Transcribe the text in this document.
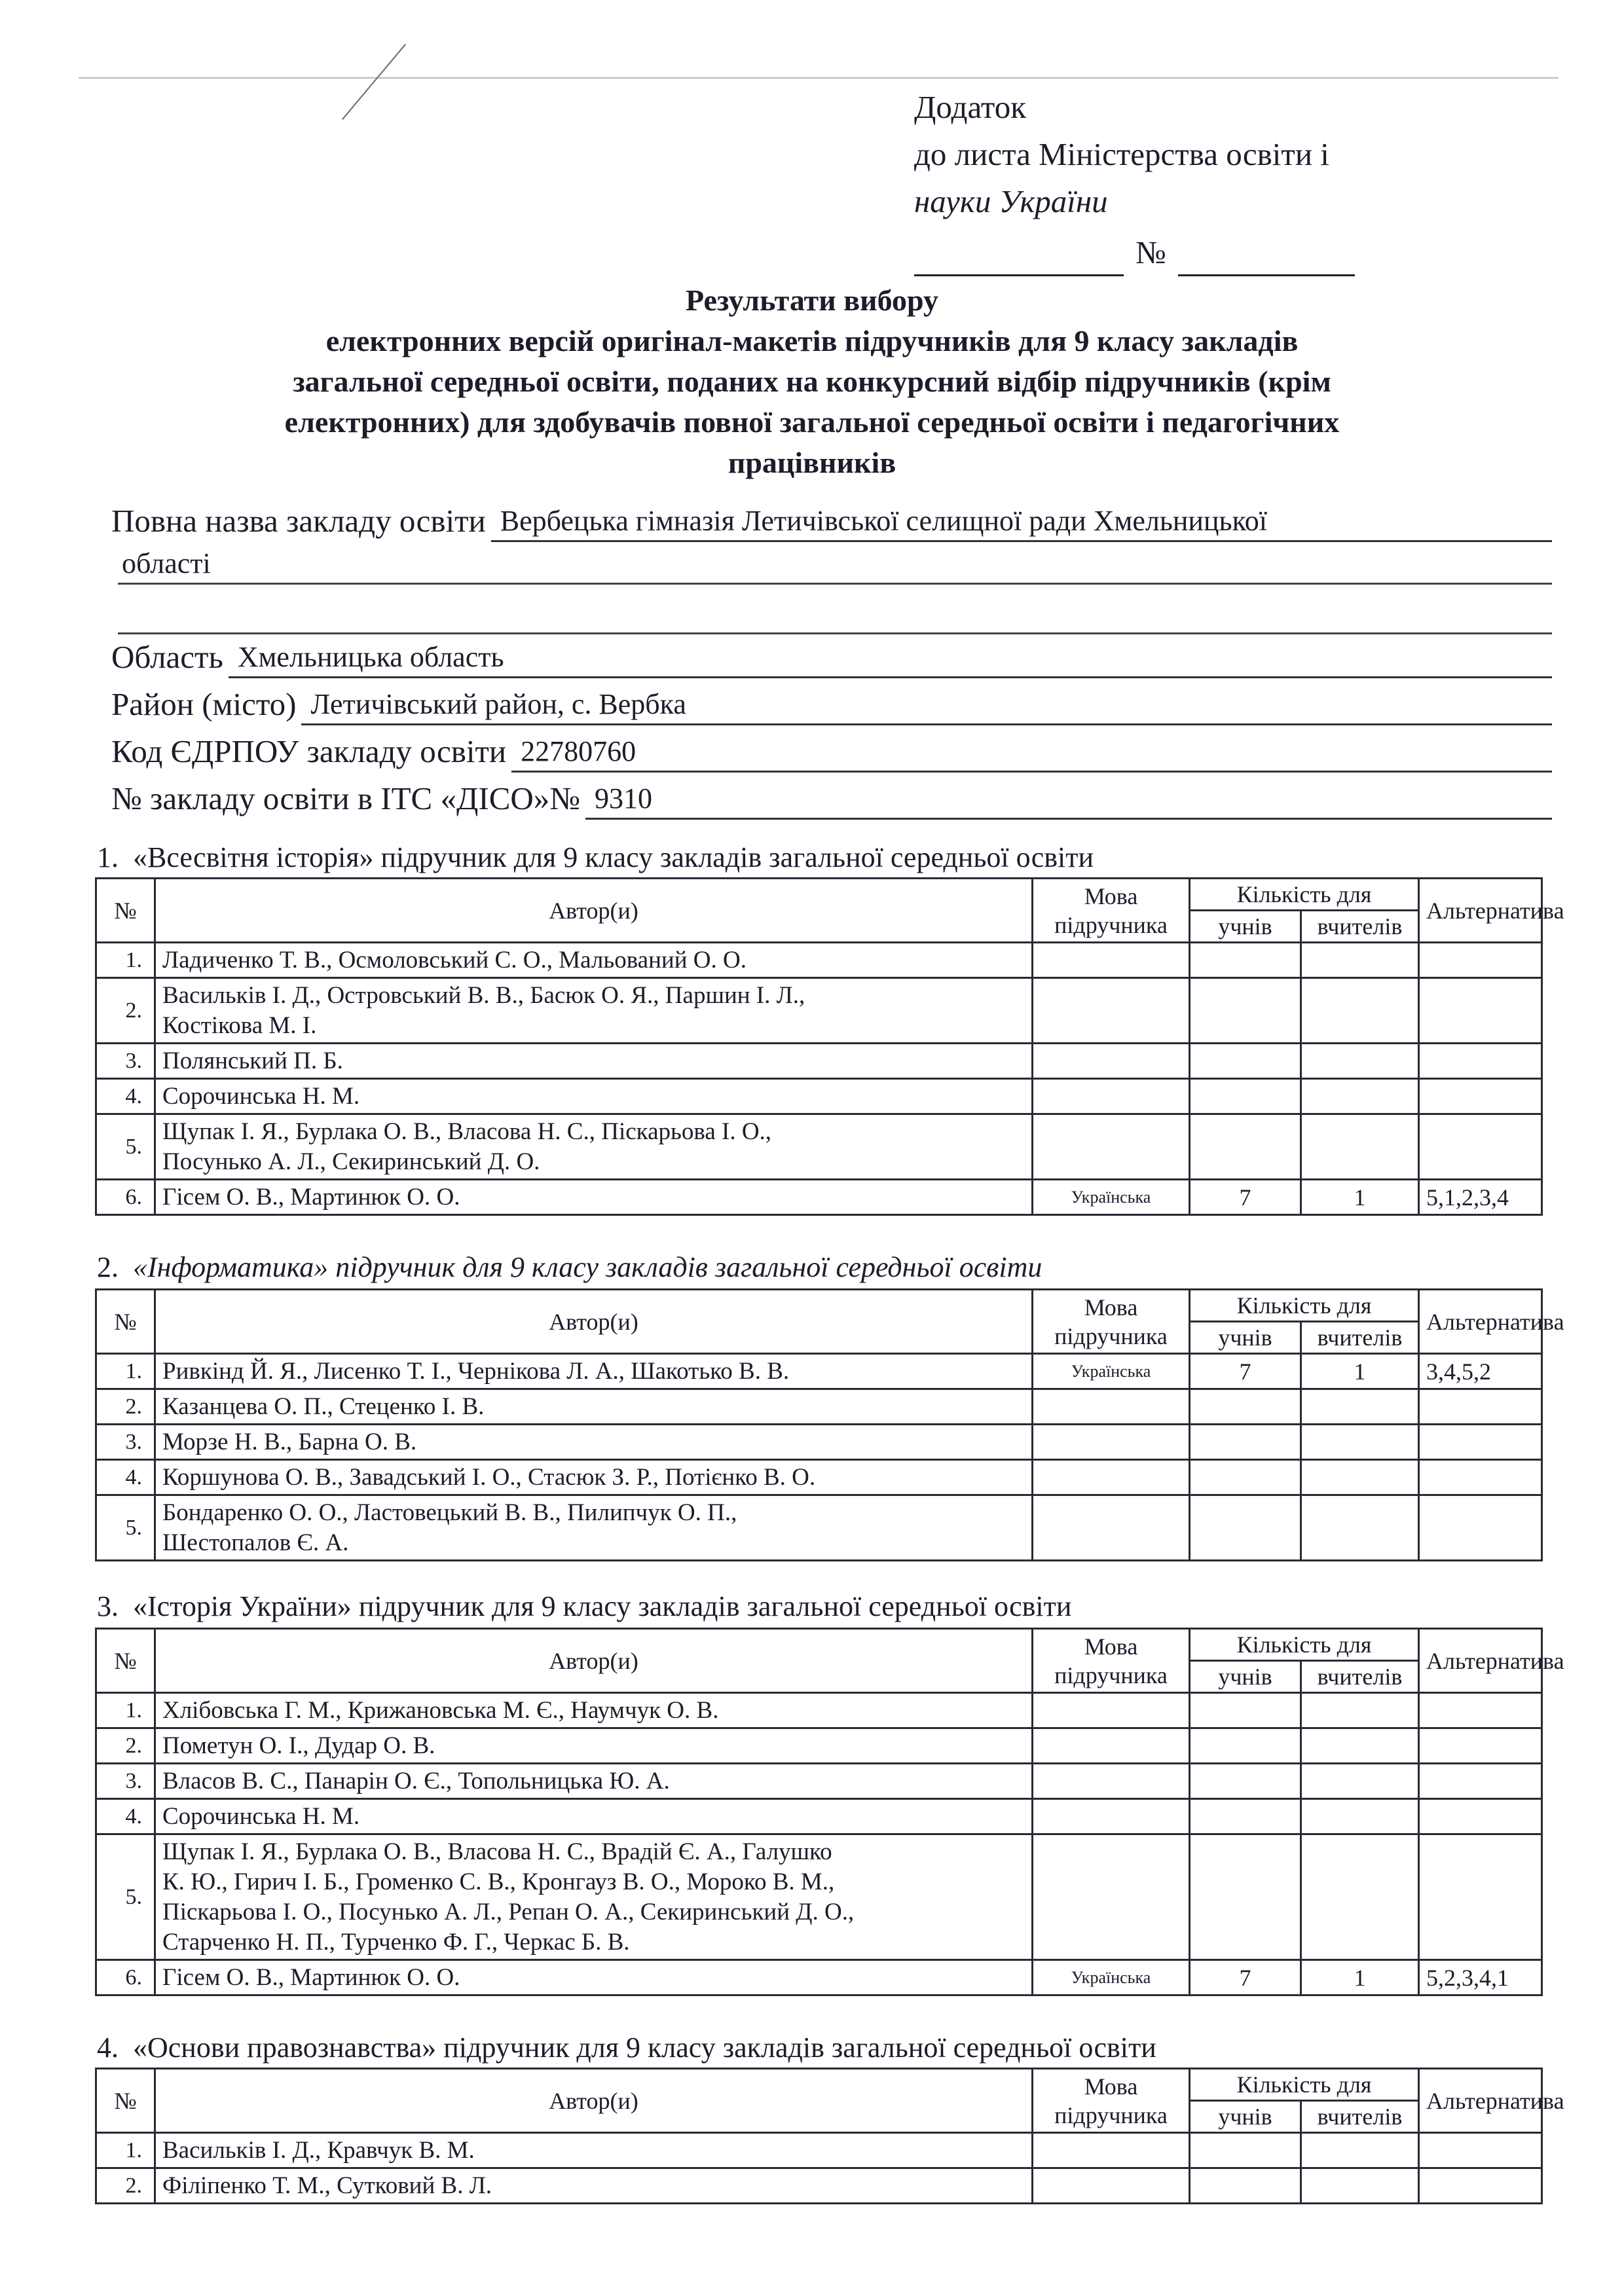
Додаток
до листа Міністерства освіти і
науки України
№
Результати вибору
електронних версій оригінал-макетів підручників для 9 класу закладів
загальної середньої освіти, поданих на конкурсний відбір підручників (крім
електронних) для здобувачів повної загальної середньої освіти і педагогічних
працівників
Повна назва закладу освіти Вербецька гімназія Летичівської селищної ради Хмельницької
області
Область Хмельницька область
Район (місто) Летичівський район, с. Вербка
Код ЄДРПОУ закладу освіти 22780760
№ закладу освіти в ІТС «ДІСО»№ 9310
1. «Всесвітня історія» підручник для 9 класу закладів загальної середньої освіти
2. «Інформатика» підручник для 9 класу закладів загальної середньої освіти
3. «Історія України» підручник для 9 класу закладів загальної середньої освіти
4. «Основи правознавства» підручник для 9 класу закладів загальної середньої освіти
№	Автор(и)	Мова підручника	Кількість для		Альтернатива
			учнів	вчителів	
1.	Ладиченко Т. В., Осмоловський С. О., Мальований О. О.				

2.	Васильків І. Д., Островський В. В., Басюк О. Я., Паршин І. Л.,
Костікова М. І.				

3.	Полянський П. Б.				

4.	Сорочинська Н. М.				

5.	Щупак І. Я., Бурлака О. В., Власова Н. С., Піскарьова І. О.,
Посунько А. Л., Секиринський Д. О.				

6.	Гісем О. В., Мартинюк О. О.	Українська	7	1	5,1,2,3,4
№	Автор(и)	Мова підручника	Кількість для		Альтернатива
			учнів	вчителів	
1.	Ривкінд Й. Я., Лисенко Т. І., Чернікова Л. А., Шакотько В. В.	Українська	7	1	3,4,5,2
2.	Казанцева О. П., Стеценко І. В.				

3.	Морзе Н. В., Барна О. В.				

4.	Коршунова О. В., Завадський І. О., Стасюк З. Р., Потієнко В. О.				

5.	Бондаренко О. О., Ластовецький В. В., Пилипчук О. П.,
Шестопалов Є. А.				

№	Автор(и)	Мова підручника	Кількість для		Альтернатива
			учнів	вчителів	
1.	Хлібовська Г. М., Крижановська М. Є., Наумчук О. В.				

2.	Пометун О. І., Дудар О. В.				

3.	Власов В. С., Панарін О. Є., Топольницька Ю. А.				

4.	Сорочинська Н. М.				

5.	Щупак І. Я., Бурлака О. В., Власова Н. С., Врадій Є. А., Галушко
К. Ю., Гирич І. Б., Громенко С. В., Кронгауз В. О., Мороко В. М.,
Піскарьова І. О., Посунько А. Л., Репан О. А., Секиринський Д. О.,
Старченко Н. П., Турченко Ф. Г., Черкас Б. В.				

6.	Гісем О. В., Мартинюк О. О.	Українська	7	1	5,2,3,4,1
№	Автор(и)	Мова підручника	Кількість для		Альтернатива
			учнів	вчителів	
1.	Васильків І. Д., Кравчук В. М.				

2.	Філіпенко Т. М., Сутковий В. Л.				
